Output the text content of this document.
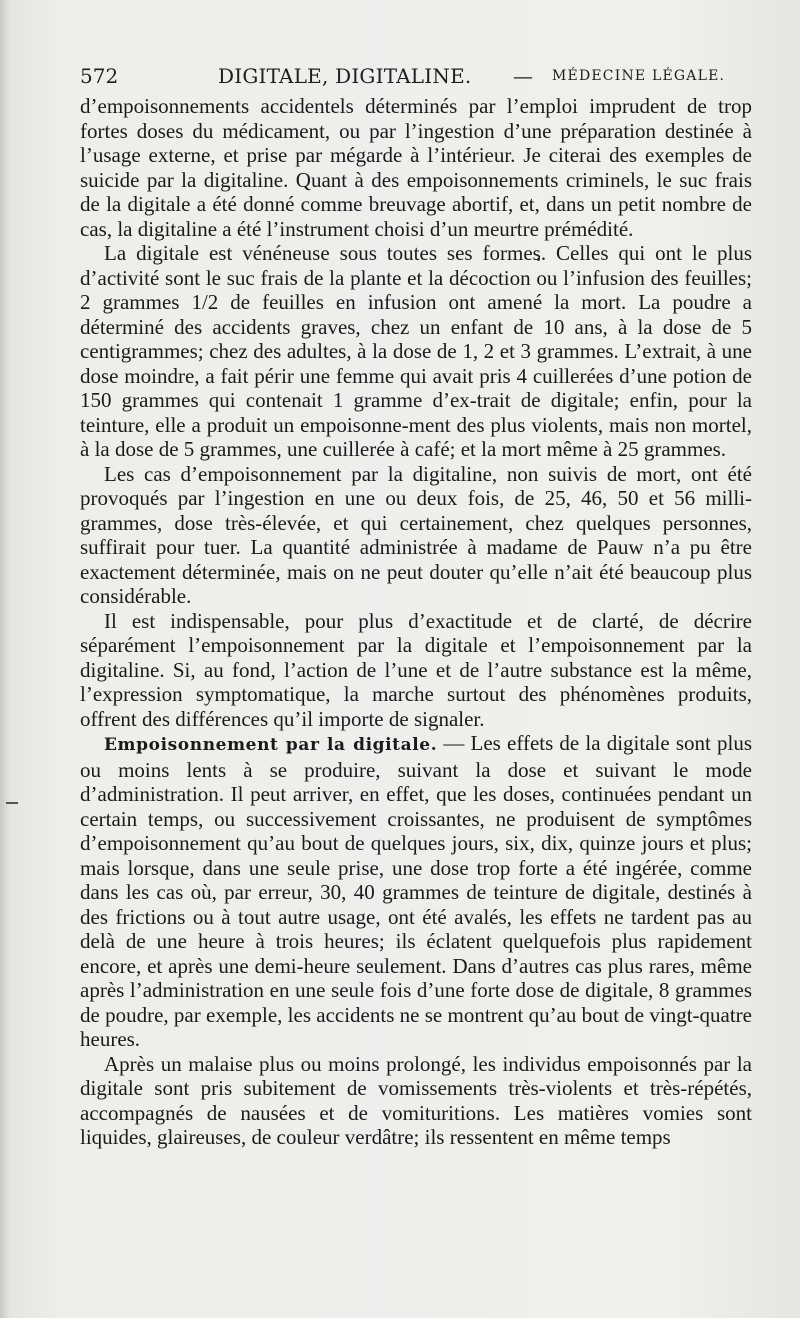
572	DIGITALE, DIGITALINE. — MÉDECINE LÉGALE.

d’empoisonnements accidentels déterminés par l’emploi imprudent de trop fortes doses du médicament, ou par l’ingestion d’une préparation destinée à l’usage externe, et prise par mégarde à l’intérieur. Je citerai des exemples de suicide par la digitaline. Quant à des empoisonnements criminels, le suc frais de la digitale a été donné comme breuvage abortif, et, dans un petit nombre de cas, la digitaline a été l’instrument choisi d’un meurtre prémédité.

La digitale est vénéneuse sous toutes ses formes. Celles qui ont le plus d’activité sont le suc frais de la plante et la décoction ou l’infusion des feuilles; 2 grammes 1/2 de feuilles en infusion ont amené la mort. La poudre a déterminé des accidents graves, chez un enfant de 10 ans, à la dose de 5 centigrammes; chez des adultes, à la dose de 1, 2 et 3 grammes. L’extrait, à une dose moindre, a fait périr une femme qui avait pris 4 cuillerées d’une potion de 150 grammes qui contenait 1 gramme d’ex-trait de digitale; enfin, pour la teinture, elle a produit un empoisonne-ment des plus violents, mais non mortel, à la dose de 5 grammes, une cuillerée à café; et la mort même à 25 grammes.

Les cas d’empoisonnement par la digitaline, non suivis de mort, ont été provoqués par l’ingestion en une ou deux fois, de 25, 46, 50 et 56 milli-grammes, dose très-élevée, et qui certainement, chez quelques personnes, suffirait pour tuer. La quantité administrée à madame de Pauw n’a pu être exactement déterminée, mais on ne peut douter qu’elle n’ait été beaucoup plus considérable.

Il est indispensable, pour plus d’exactitude et de clarté, de décrire séparément l’empoisonnement par la digitale et l’empoisonnement par la digitaline. Si, au fond, l’action de l’une et de l’autre substance est la même, l’expression symptomatique, la marche surtout des phénomènes produits, offrent des différences qu’il importe de signaler.

Empoisonnement par la digitale. — Les effets de la digitale sont plus ou moins lents à se produire, suivant la dose et suivant le mode d’administration. Il peut arriver, en effet, que les doses, continuées pendant un certain temps, ou successivement croissantes, ne produisent de symptômes d’empoisonnement qu’au bout de quelques jours, six, dix, quinze jours et plus; mais lorsque, dans une seule prise, une dose trop forte a été ingérée, comme dans les cas où, par erreur, 30, 40 grammes de teinture de digitale, destinés à des frictions ou à tout autre usage, ont été avalés, les effets ne tardent pas au delà de une heure à trois heures; ils éclatent quelquefois plus rapidement encore, et après une demi-heure seulement. Dans d’autres cas plus rares, même après l’administration en une seule fois d’une forte dose de digitale, 8 grammes de poudre, par exemple, les accidents ne se montrent qu’au bout de vingt-quatre heures.

Après un malaise plus ou moins prolongé, les individus empoisonnés par la digitale sont pris subitement de vomissements très-violents et très-répétés, accompagnés de nausées et de vomituritions. Les matières vomies sont liquides, glaireuses, de couleur verdâtre; ils ressentent en même temps
